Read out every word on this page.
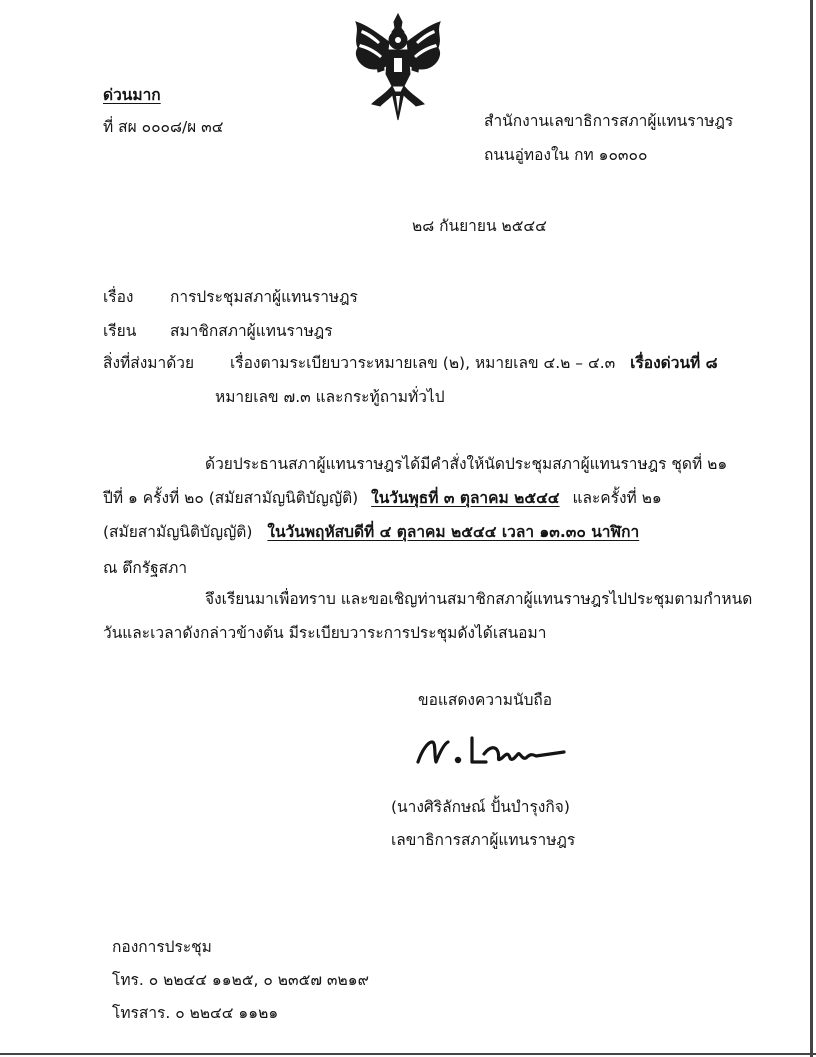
ด่วนมาก
ที่ สผ ๐๐๐๘/ผ ๓๔	สำนักงานเลขาธิการสภาผู้แทนราษฎร
ถนนอู่ทองใน กท ๑๐๓๐๐
๒๘ กันยายน ๒๕๔๔
เรื่อง การประชุมสภาผู้แทนราษฎร
เรียน สมาชิกสภาผู้แทนราษฎร
สิ่งที่ส่งมาด้วย เรื่องตามระเบียบวาระหมายเลข (๒), หมายเลข ๔.๒ – ๔.๓ เรื่องด่วนที่ ๘
หมายเลข ๗.๓ และกระทู้ถามทั่วไป
ด้วยประธานสภาผู้แทนราษฎรได้มีคำสั่งให้นัดประชุมสภาผู้แทนราษฎร ชุดที่ ๒๑
ปีที่ ๑ ครั้งที่ ๒๐ (สมัยสามัญนิติบัญญัติ) ในวันพุธที่ ๓ ตุลาคม ๒๕๔๔ และครั้งที่ ๒๑
(สมัยสามัญนิติบัญญัติ) ในวันพฤหัสบดีที่ ๔ ตุลาคม ๒๕๔๔ เวลา ๑๓.๓๐ นาฬิกา
ณ ตึกรัฐสภา
จึงเรียนมาเพื่อทราบ และขอเชิญท่านสมาชิกสภาผู้แทนราษฎรไปประชุมตามกำหนด
วันและเวลาดังกล่าวข้างต้น มีระเบียบวาระการประชุมดังได้เสนอมา
ขอแสดงความนับถือ
(นางศิริลักษณ์ ปั้นบำรุงกิจ)
เลขาธิการสภาผู้แทนราษฎร
กองการประชุม
โทร. ๐ ๒๒๔๔ ๑๑๒๕, ๐ ๒๓๕๗ ๓๒๑๙
โทรสาร. ๐ ๒๒๔๔ ๑๑๒๑
